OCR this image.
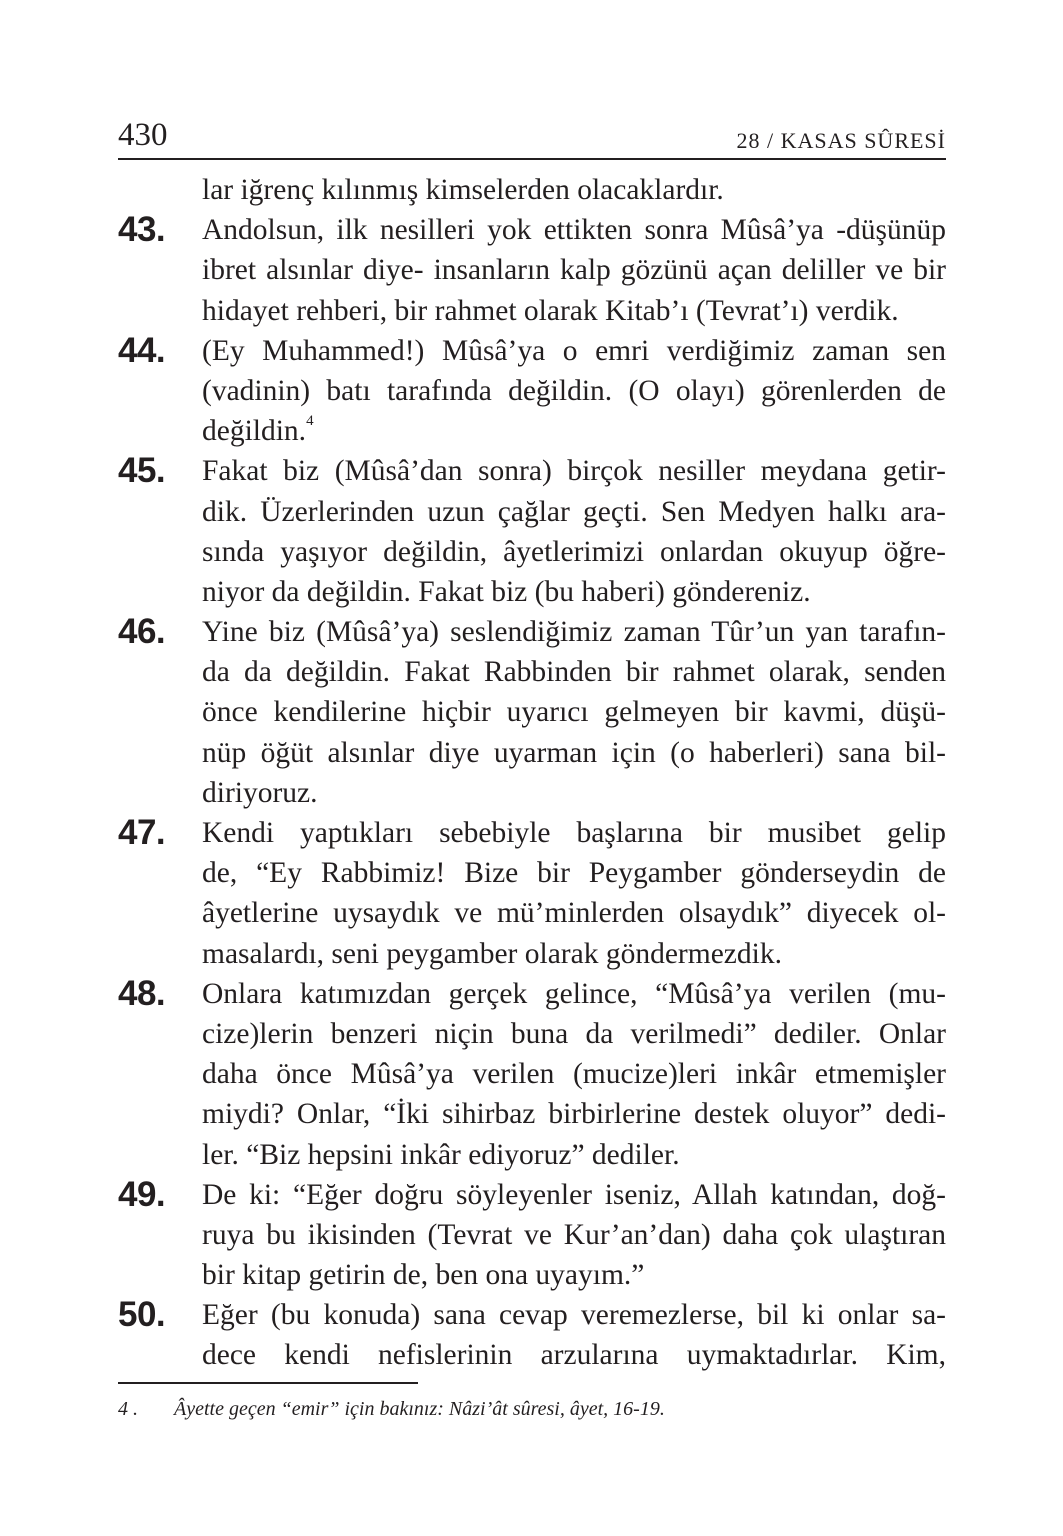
430	28 / KASAS SÛRESİ
lar iğrenç kılınmış kimselerden olacaklardır.
43.	Andolsun, ilk nesilleri yok ettikten sonra Mûsâ’ya -düşünüp
ibret alsınlar diye- insanların kalp gözünü açan deliller ve bir
hidayet rehberi, bir rahmet olarak Kitab’ı (Tevrat’ı) verdik.
44.	(Ey Muhammed!) Mûsâ’ya o emri verdiğimiz zaman sen
(vadinin) batı tarafında değildin. (O olayı) görenlerden de
değildin.$^4$
45.	Fakat biz (Mûsâ’dan sonra) birçok nesiller meydana getir-
dik. Üzerlerinden uzun çağlar geçti. Sen Medyen halkı ara-
sında yaşıyor değildin, âyetlerimizi onlardan okuyup öğre-
niyor da değildin. Fakat biz (bu haberi) göndereniz.
46.	Yine biz (Mûsâ’ya) seslendiğimiz zaman Tûr’un yan tarafın-
da da değildin. Fakat Rabbinden bir rahmet olarak, senden
önce kendilerine hiçbir uyarıcı gelmeyen bir kavmi, düşü-
nüp öğüt alsınlar diye uyarman için (o haberleri) sana bil-
diriyoruz.
47.	Kendi yaptıkları sebebiyle başlarına bir musibet gelip
de, “Ey Rabbimiz! Bize bir Peygamber gönderseydin de
âyetlerine uysaydık ve mü’minlerden olsaydık” diyecek ol-
masalardı, seni peygamber olarak göndermezdik.
48.	Onlara katımızdan gerçek gelince, “Mûsâ’ya verilen (mu-
cize)lerin benzeri niçin buna da verilmedi” dediler. Onlar
daha önce Mûsâ’ya verilen (mucize)leri inkâr etmemişler
miydi? Onlar, “İki sihirbaz birbirlerine destek oluyor” dedi-
ler. “Biz hepsini inkâr ediyoruz” dediler.
49.	De ki: “Eğer doğru söyleyenler iseniz, Allah katından, doğ-
ruya bu ikisinden (Tevrat ve Kur’an’dan) daha çok ulaştıran
bir kitap getirin de, ben ona uyayım.”
50.	Eğer (bu konuda) sana cevap veremezlerse, bil ki onlar sa-
dece kendi nefislerinin arzularına uymaktadırlar. Kim,
4 . Âyette geçen “emir” için bakınız: Nâzi’ât sûresi, âyet, 16-19.
